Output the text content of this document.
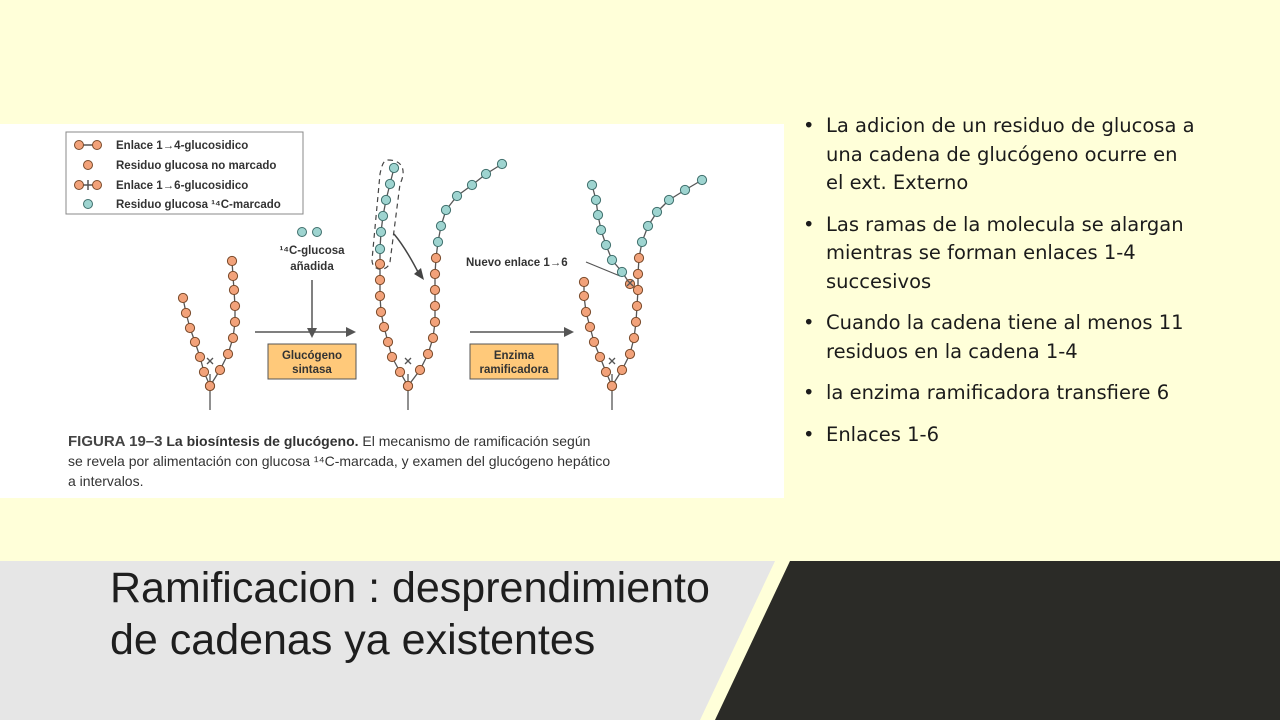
Enlace 1→4-glucosidico
Residuo glucosa no marcado
Enlace 1→6-glucosidico
Residuo glucosa ¹⁴C-marcado
¹⁴C-glucosa
añadida
Glucógeno
sintasa
Enzima
ramificadora
Nuevo enlace 1→6
FIGURA 19–3 La biosíntesis de glucógeno. El mecanismo de ramificación según
se revela por alimentación con glucosa ¹⁴C-marcada, y examen del glucógeno hepático
a intervalos.
• La adicion de un residuo de glucosa a una cadena de glucógeno ocurre en el ext. Externo
• Las ramas de la molecula se alargan mientras se forman enlaces 1-4 succesivos
• Cuando la cadena tiene al menos 11 residuos en la cadena 1-4
• la enzima ramificadora transfiere 6
• Enlaces 1-6
Ramificacion : desprendimiento de cadenas ya existentes
